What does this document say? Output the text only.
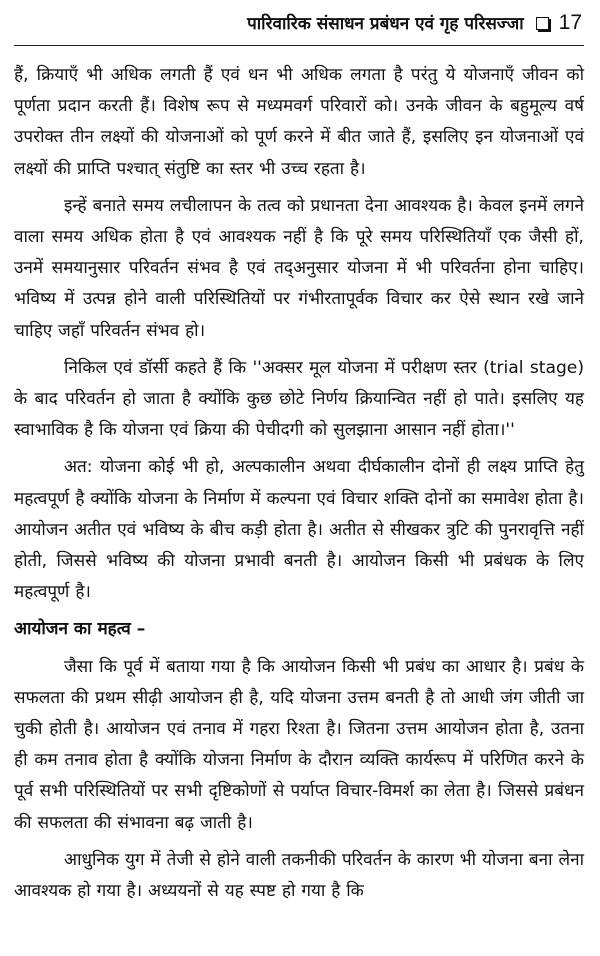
पारिवारिक संसाधन प्रबंधन एवं गृह परिसज्जा 17

हैं, क्रियाएँ भी अधिक लगती हैं एवं धन भी अधिक लगता है परंतु ये योजनाएँ जीवन को पूर्णता प्रदान करती हैं। विशेष रूप से मध्यमवर्ग परिवारों को। उनके जीवन के बहुमूल्य वर्ष उपरोक्त तीन लक्ष्यों की योजनाओं को पूर्ण करने में बीत जाते हैं, इसलिए इन योजनाओं एवं लक्ष्यों की प्राप्ति पश्चात् संतुष्टि का स्तर भी उच्च रहता है।

इन्हें बनाते समय लचीलापन के तत्व को प्रधानता देना आवश्यक है। केवल इनमें लगने वाला समय अधिक होता है एवं आवश्यक नहीं है कि पूरे समय परिस्थितियाँ एक जैसी हों, उनमें समयानुसार परिवर्तन संभव है एवं तद्अनुसार योजना में भी परिवर्तना होना चाहिए। भविष्य में उत्पन्न होने वाली परिस्थितियों पर गंभीरतापूर्वक विचार कर ऐसे स्थान रखे जाने चाहिए जहाँ परिवर्तन संभव हो।

निकिल एवं डॉर्सी कहते हैं कि ''अक्सर मूल योजना में परीक्षण स्तर (trial stage) के बाद परिवर्तन हो जाता है क्योंकि कुछ छोटे निर्णय क्रियान्वित नहीं हो पाते। इसलिए यह स्वाभाविक है कि योजना एवं क्रिया की पेचीदगी को सुलझाना आसान नहीं होता।''

अत: योजना कोई भी हो, अल्पकालीन अथवा दीर्घकालीन दोनों ही लक्ष्य प्राप्ति हेतु महत्वपूर्ण है क्योंकि योजना के निर्माण में कल्पना एवं विचार शक्ति दोनों का समावेश होता है। आयोजन अतीत एवं भविष्य के बीच कड़ी होता है। अतीत से सीखकर त्रुटि की पुनरावृत्ति नहीं होती, जिससे भविष्य की योजना प्रभावी बनती है। आयोजन किसी भी प्रबंधक के लिए महत्वपूर्ण है।

आयोजन का महत्व –

जैसा कि पूर्व में बताया गया है कि आयोजन किसी भी प्रबंध का आधार है। प्रबंध के सफलता की प्रथम सीढ़ी आयोजन ही है, यदि योजना उत्तम बनती है तो आधी जंग जीती जा चुकी होती है। आयोजन एवं तनाव में गहरा रिश्ता है। जितना उत्तम आयोजन होता है, उतना ही कम तनाव होता है क्योंकि योजना निर्माण के दौरान व्यक्ति कार्यरूप में परिणित करने के पूर्व सभी परिस्थितियों पर सभी दृष्टिकोणों से पर्याप्त विचार-विमर्श का लेता है। जिससे प्रबंधन की सफलता की संभावना बढ़ जाती है।

आधुनिक युग में तेजी से होने वाली तकनीकी परिवर्तन के कारण भी योजना बना लेना आवश्यक हो गया है। अध्ययनों से यह स्पष्ट हो गया है कि
